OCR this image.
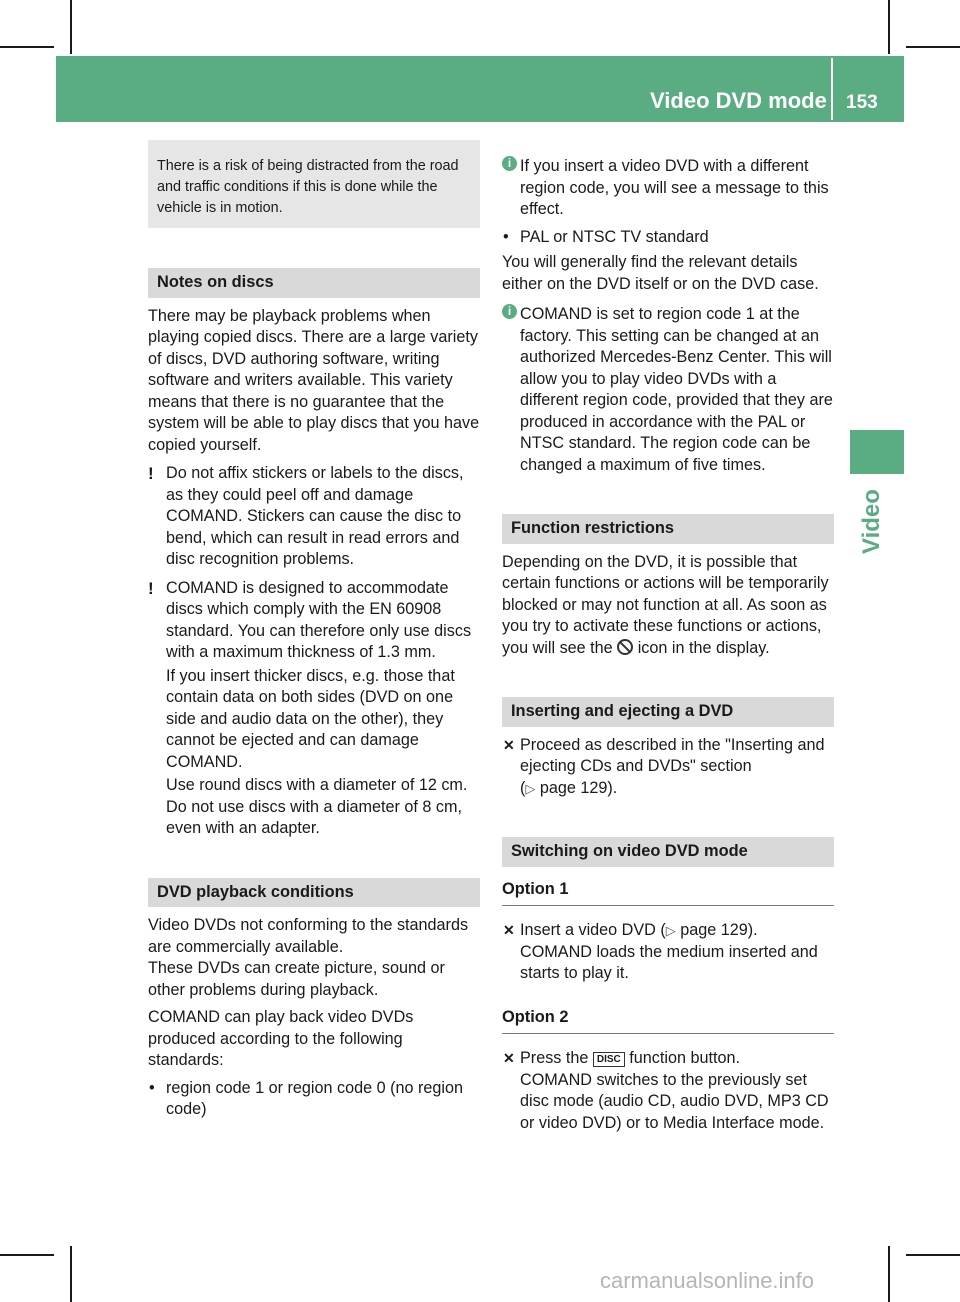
Video DVD mode 153
Video
There is a risk of being distracted from the road and traffic conditions if this is done while the vehicle is in motion.
Notes on discs

There may be playback problems when playing copied discs. There are a large variety of discs, DVD authoring software, writing software and writers available. This variety means that there is no guarantee that the system will be able to play discs that you have copied yourself.

! Do not affix stickers or labels to the discs, as they could peel off and damage COMAND. Stickers can cause the disc to bend, which can result in read errors and disc recognition problems.

! COMAND is designed to accommodate discs which comply with the EN 60908 standard. You can therefore only use discs with a maximum thickness of 1.3 mm.

If you insert thicker discs, e.g. those that contain data on both sides (DVD on one side and audio data on the other), they cannot be ejected and can damage COMAND.

Use round discs with a diameter of 12 cm. Do not use discs with a diameter of 8 cm, even with an adapter.

DVD playback conditions

Video DVDs not conforming to the standards are commercially available.

These DVDs can create picture, sound or other problems during playback.

COMAND can play back video DVDs produced according to the following standards:

• region code 1 or region code 0 (no region code)

i If you insert a video DVD with a different region code, you will see a message to this effect.

• PAL or NTSC TV standard

You will generally find the relevant details either on the DVD itself or on the DVD case.

i COMAND is set to region code 1 at the factory. This setting can be changed at an authorized Mercedes-Benz Center. This will allow you to play video DVDs with a different region code, provided that they are produced in accordance with the PAL or NTSC standard. The region code can be changed a maximum of five times.

Function restrictions

Depending on the DVD, it is possible that certain functions or actions will be temporarily blocked or may not function at all. As soon as you try to activate these functions or actions, you will see the icon in the display.

Inserting and ejecting a DVD
✕ Proceed as described in the "Inserting and ejecting CDs and DVDs" section
(▷ page 129).

Switching on video DVD mode
Option 1
✕ Insert a video DVD (▷ page 129).

COMAND loads the medium inserted and starts to play it.

Option 2
✕ Press the DISC function button.

COMAND switches to the previously set disc mode (audio CD, audio DVD, MP3 CD or video DVD) or to Media Interface mode.

carmanualsonline.info
